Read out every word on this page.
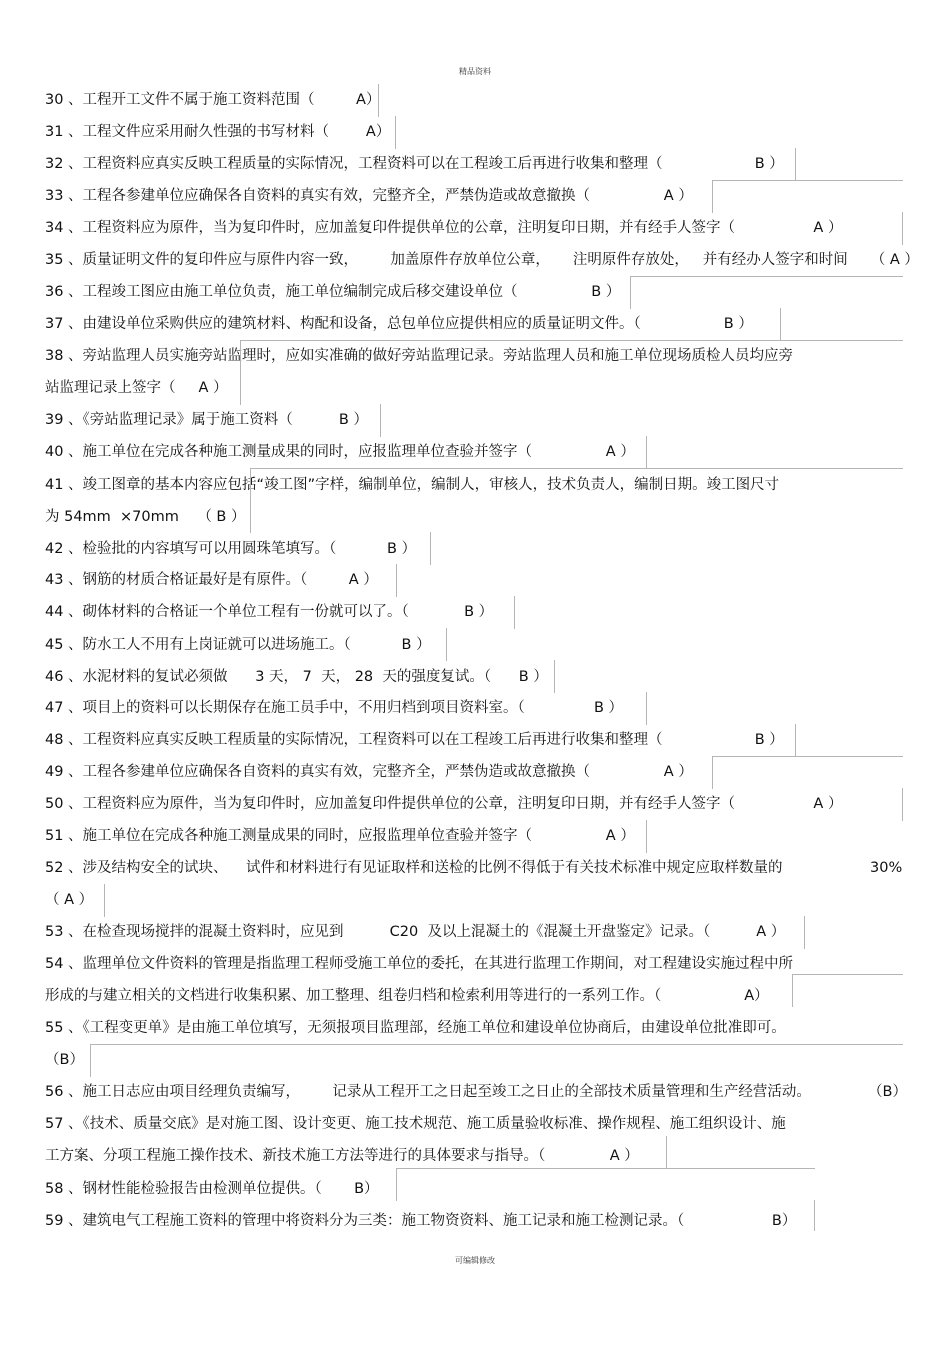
精品资料
30 、工程开工文件不属于施工资料范围（         A）
31 、工程文件应采用耐久性强的书写材料（        A）
32 、工程资料应真实反映工程质量的实际情况，工程资料可以在工程竣工后再进行收集和整理（                    B ）
33 、工程各参建单位应确保各自资料的真实有效，完整齐全，严禁伪造或故意撤换（                A ）
34 、工程资料应为原件，当为复印件时，应加盖复印件提供单位的公章，注明复印日期，并有经手人签字（                 A ）
35 、质量证明文件的复印件应与原件内容一致，       加盖原件存放单位公章，     注明原件存放处，   并有经办人签字和时间     （ A ）
36 、工程竣工图应由施工单位负责，施工单位编制完成后移交建设单位（                B ）
37 、由建设单位采购供应的建筑材料、构配和设备，总包单位应提供相应的质量证明文件。（                  B ）
38 、旁站监理人员实施旁站监理时，应如实准确的做好旁站监理记录。旁站监理人员和施工单位现场质检人员均应旁
站监理记录上签字（     A ）
39 、《旁站监理记录》属于施工资料（          B ）
40 、施工单位在完成各种施工测量成果的同时，应报监理单位查验并签字（                A ）
41 、竣工图章的基本内容应包括“竣工图”字样，编制单位，编制人，审核人，技术负责人，编制日期。竣工图尺寸
为 54mm  ×70mm    （ B ）
42 、检验批的内容填写可以用圆珠笔填写。（           B ）
43 、钢筋的材质合格证最好是有原件。（         A ）
44 、砌体材料的合格证一个单位工程有一份就可以了。（            B ）
45 、防水工人不用有上岗证就可以进场施工。（           B ）
46 、水泥材料的复试必须做      3 天， 7  天， 28  天的强度复试。（      B ）
47 、项目上的资料可以长期保存在施工员手中，不用归档到项目资料室。（               B ）
48 、工程资料应真实反映工程质量的实际情况，工程资料可以在工程竣工后再进行收集和整理（                    B ）
49 、工程各参建单位应确保各自资料的真实有效，完整齐全，严禁伪造或故意撤换（                A ）
50 、工程资料应为原件，当为复印件时，应加盖复印件提供单位的公章，注明复印日期，并有经手人签字（                 A ）
51 、施工单位在完成各种施工测量成果的同时，应报监理单位查验并签字（                A ）
52 、涉及结构安全的试块、    试件和材料进行有见证取样和送检的比例不得低于有关技术标准中规定应取样数量的	30%
（ A ）
53 、在检查现场搅拌的混凝土资料时，应见到          C20  及以上混凝土的《混凝土开盘鉴定》记录。（          A ）
54 、监理单位文件资料的管理是指监理工程师受施工单位的委托，在其进行监理工作期间，对工程建设实施过程中所
形成的与建立相关的文档进行收集积累、加工整理、组卷归档和检索利用等进行的一系列工作。（                  A）
55 、《工程变更单》是由施工单位填写，无须报项目监理部，经施工单位和建设单位协商后，由建设单位批准即可。
（B）
56 、施工日志应由项目经理负责编写，       记录从工程开工之日起至竣工之日止的全部技术质量管理和生产经营活动。	（B）
57 、《技术、质量交底》是对施工图、设计变更、施工技术规范、施工质量验收标准、操作规程、施工组织设计、施
工方案、分项工程施工操作技术、新技术施工方法等进行的具体要求与指导。（              A ）
58 、钢材性能检验报告由检测单位提供。（       B）
59 、建筑电气工程施工资料的管理中将资料分为三类：施工物资资料、施工记录和施工检测记录。（                   B）
可编辑修改
